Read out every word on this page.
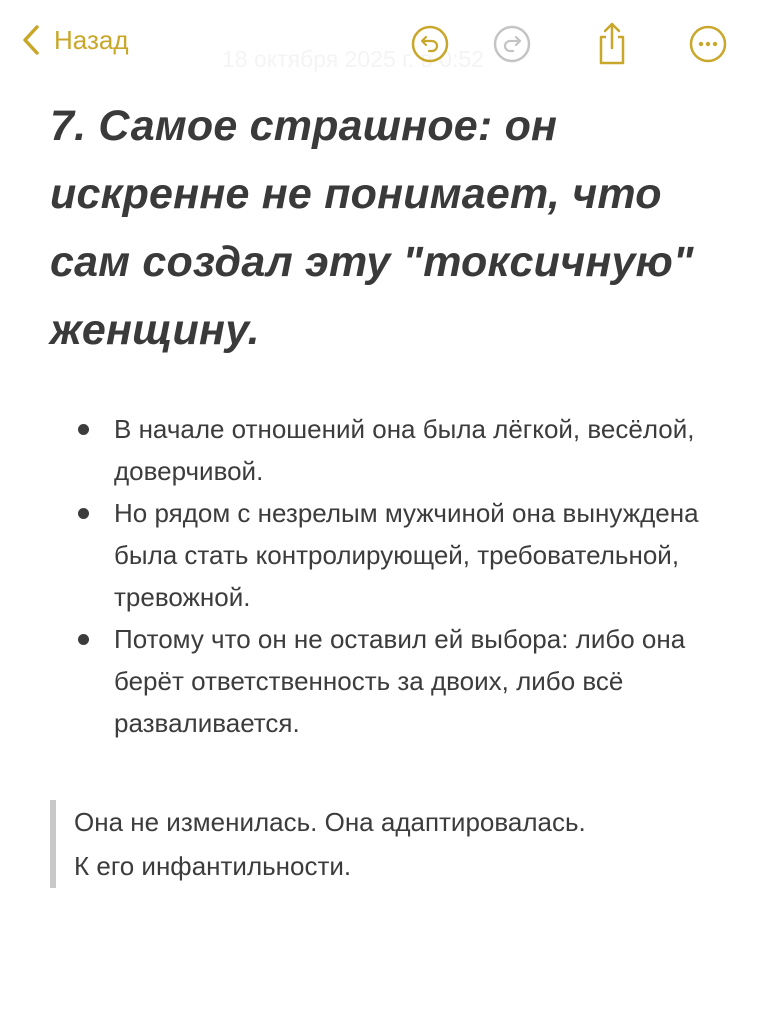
Назад
18 октября 2025 г. в 0:52
7. Самое страшное: он искренне не понимает, что сам создал эту "токсичную" женщину.
В начале отношений она была лёгкой, весёлой, доверчивой.
Но рядом с незрелым мужчиной она вынуждена была стать контролирующей, требовательной, тревожной.
Потому что он не оставил ей выбора: либо она берёт ответственность за двоих, либо всё разваливается.
Она не изменилась. Она адаптировалась.
К его инфантильности.
